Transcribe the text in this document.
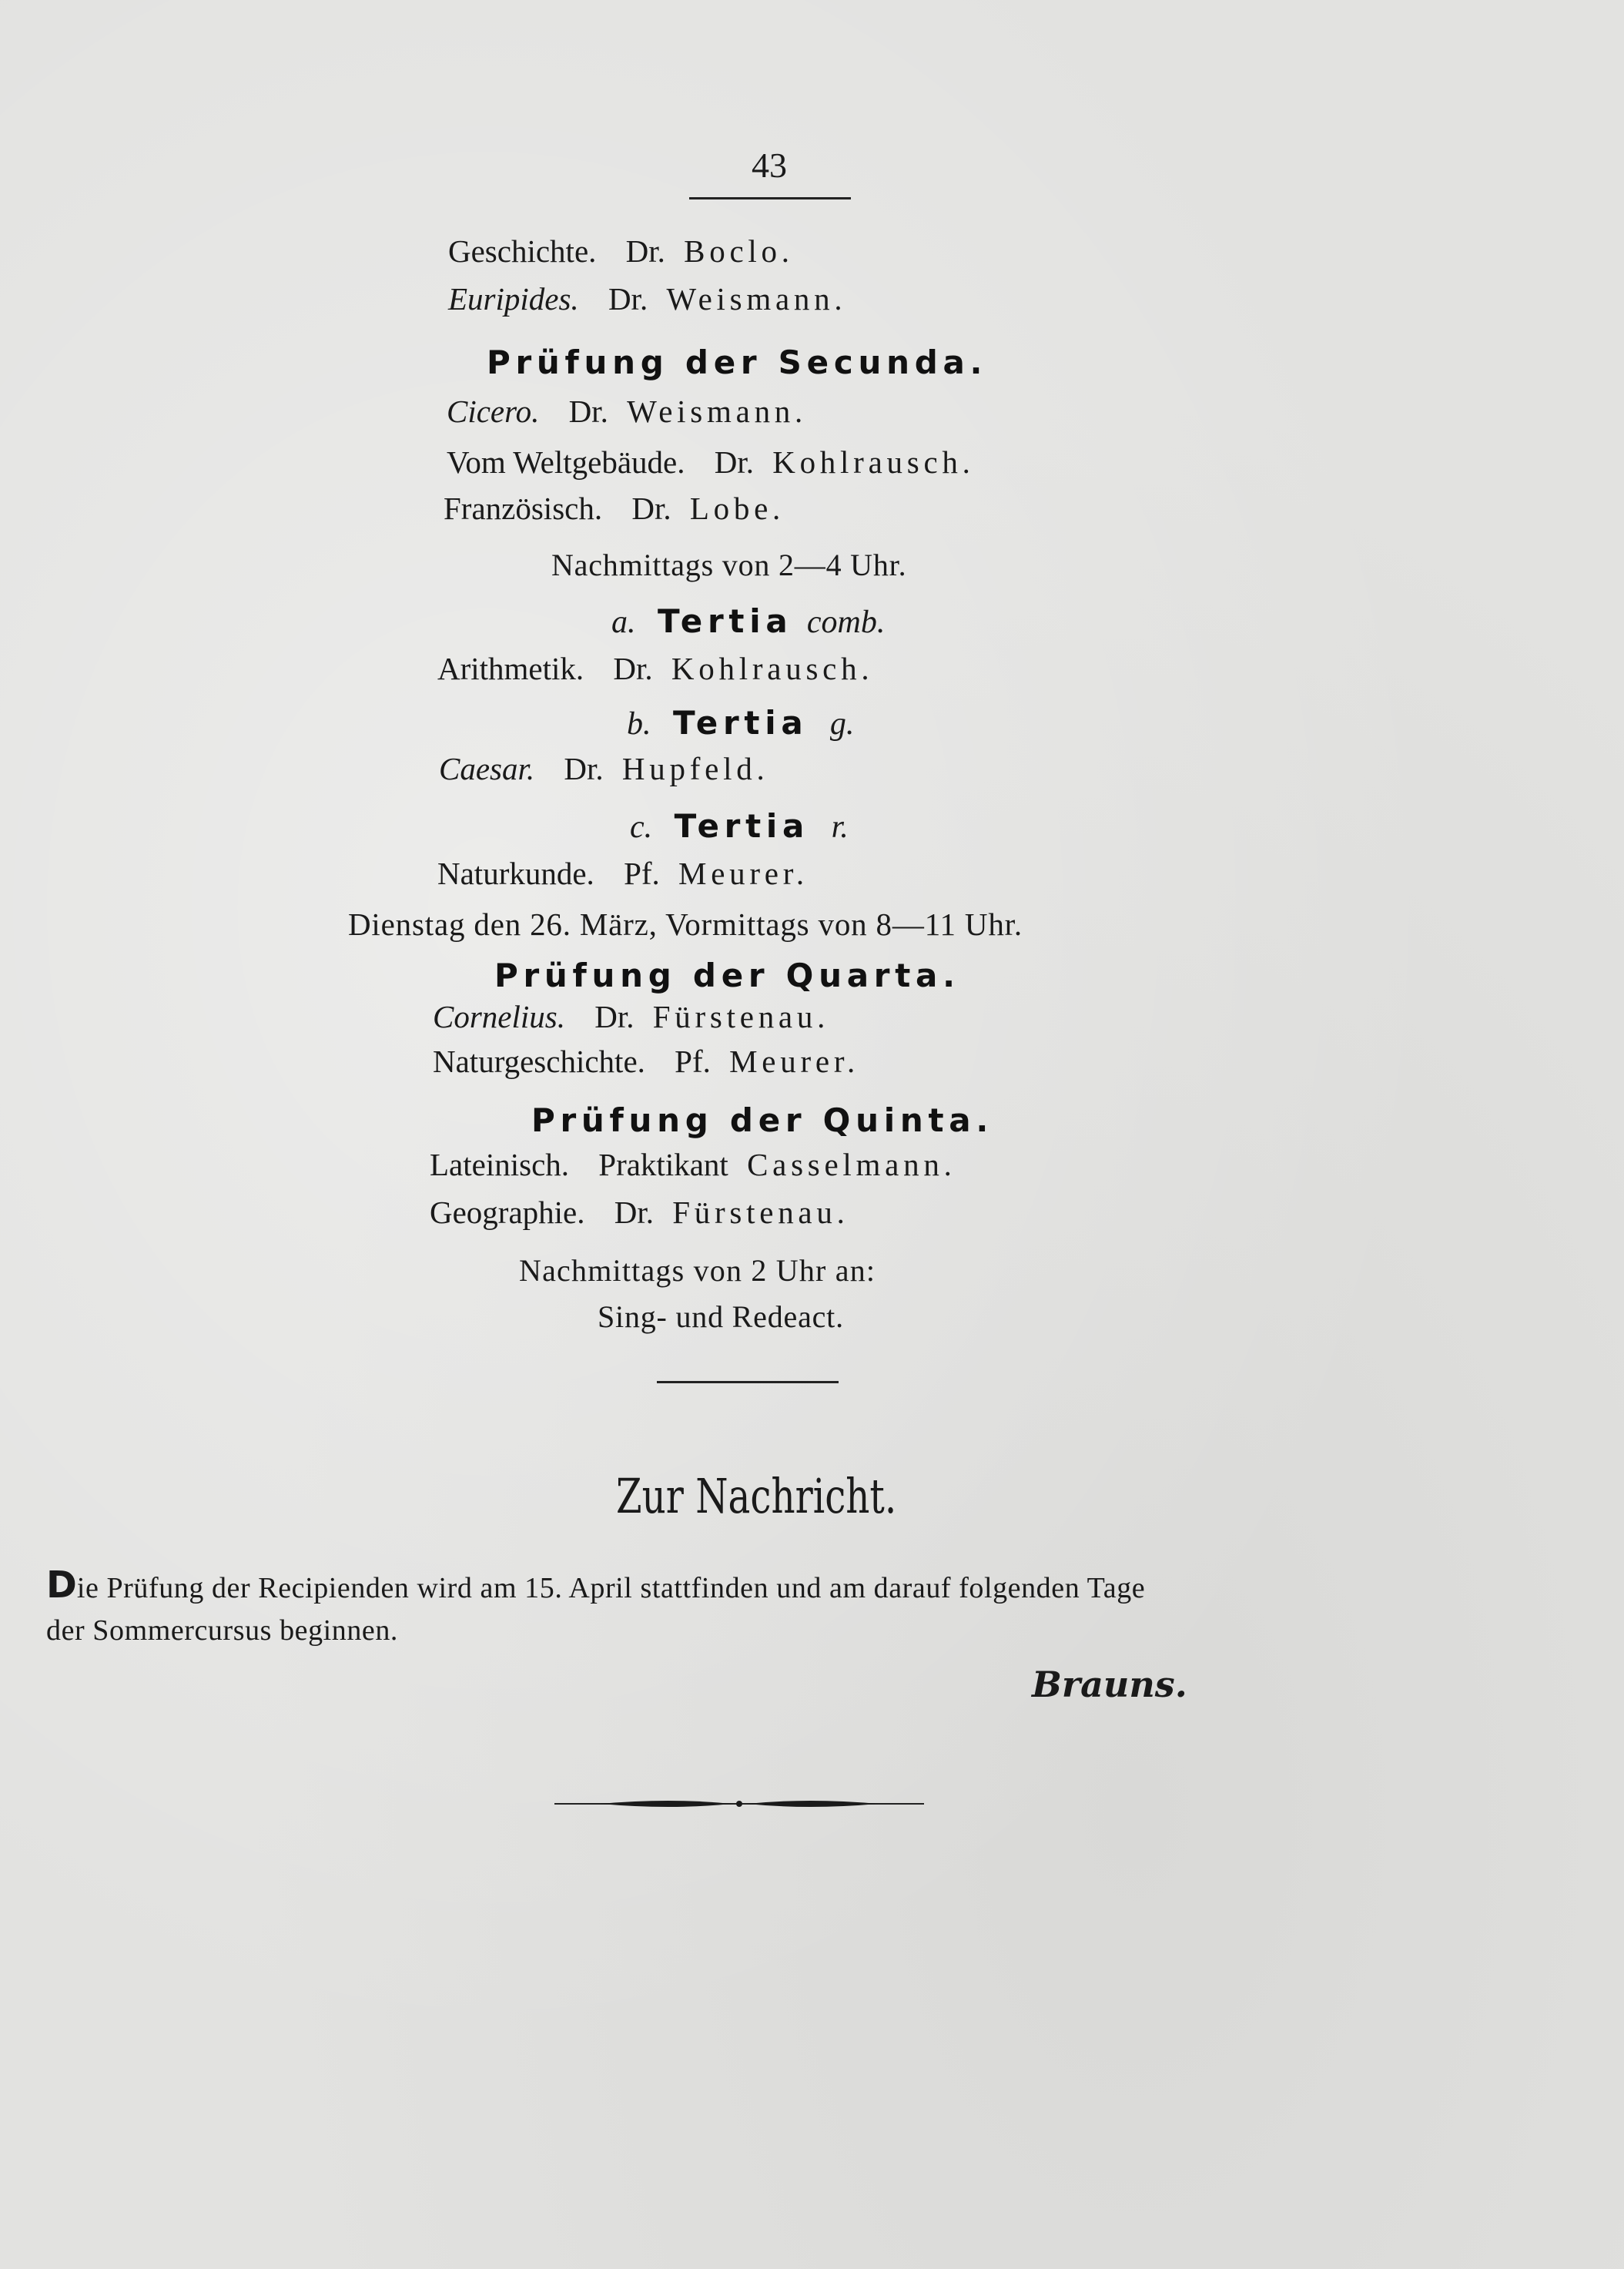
43
Geschichte. Dr. Boclo.
Euripides. Dr. Weismann.
Prüfung der Secunda.
Cicero. Dr. Weismann.
Vom Weltgebäude. Dr. Kohlrausch.
Französisch. Dr. Lobe.
Nachmittags von 2—4 Uhr.
a. Tertia comb.
Arithmetik. Dr. Kohlrausch.
b. Tertia g.
Caesar. Dr. Hupfeld.
c. Tertia r.
Naturkunde. Pf. Meurer.
Dienstag den 26. März, Vormittags von 8—11 Uhr.
Prüfung der Quarta.
Cornelius. Dr. Fürstenau.
Naturgeschichte. Pf. Meurer.
Prüfung der Quinta.
Lateinisch. Praktikant Casselmann.
Geographie. Dr. Fürstenau.
Nachmittags von 2 Uhr an:
Sing- und Redeact.
Zur Nachricht.
Die Prüfung der Recipienden wird am 15. April stattfinden und am darauf folgenden Tage
der Sommercursus beginnen.
Brauns.
